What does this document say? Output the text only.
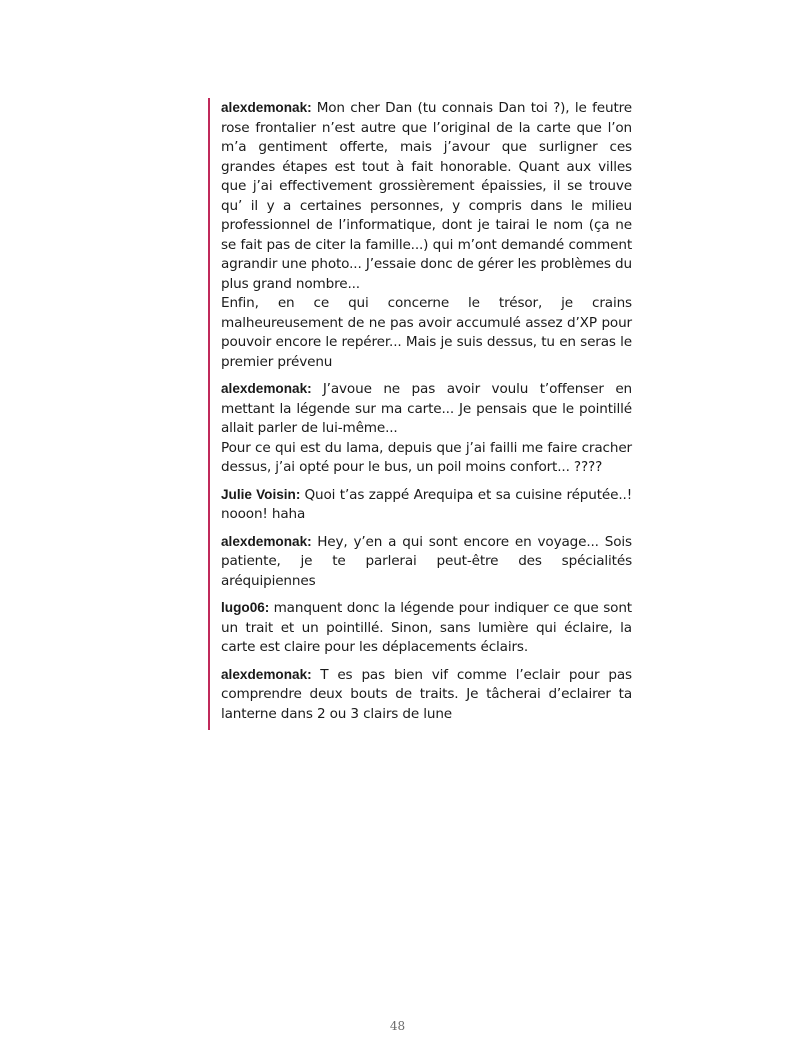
alexdemonak: Mon cher Dan (tu connais Dan toi ?), le feutre rose frontalier n’est autre que l’original de la carte que l’on m’a gentiment offerte, mais j’avour que surligner ces grandes étapes est tout à fait honorable. Quant aux villes que j’ai effectivement grossièrement épaissies, il se trouve qu’ il y a certaines personnes, y compris dans le milieu professionnel de l’informatique, dont je tairai le nom (ça ne se fait pas de citer la famille...) qui m’ont demandé comment agrandir une photo... J’essaie donc de gérer les problèmes du plus grand nombre...
Enfin, en ce qui concerne le trésor, je crains malheureusement de ne pas avoir accumulé assez d’XP pour pouvoir encore le repérer... Mais je suis dessus, tu en seras le premier prévenu
alexdemonak: J’avoue ne pas avoir voulu t’offenser en mettant la légende sur ma carte... Je pensais que le pointillé allait parler de lui-même...
Pour ce qui est du lama, depuis que j’ai failli me faire cracher dessus, j’ai opté pour le bus, un poil moins confort... ????
Julie Voisin: Quoi t’as zappé Arequipa et sa cuisine réputée..! nooon! haha
alexdemonak: Hey, y’en a qui sont encore en voyage... Sois patiente, je te parlerai peut-être des spécialités aréquipiennes
lugo06: manquent donc la légende pour indiquer ce que sont un trait et un pointillé. Sinon, sans lumière qui éclaire, la carte est claire pour les déplacements éclairs.
alexdemonak: T es pas bien vif comme l’eclair pour pas comprendre deux bouts de traits. Je tâcherai d’eclairer ta lanterne dans 2 ou 3 clairs de lune
48
